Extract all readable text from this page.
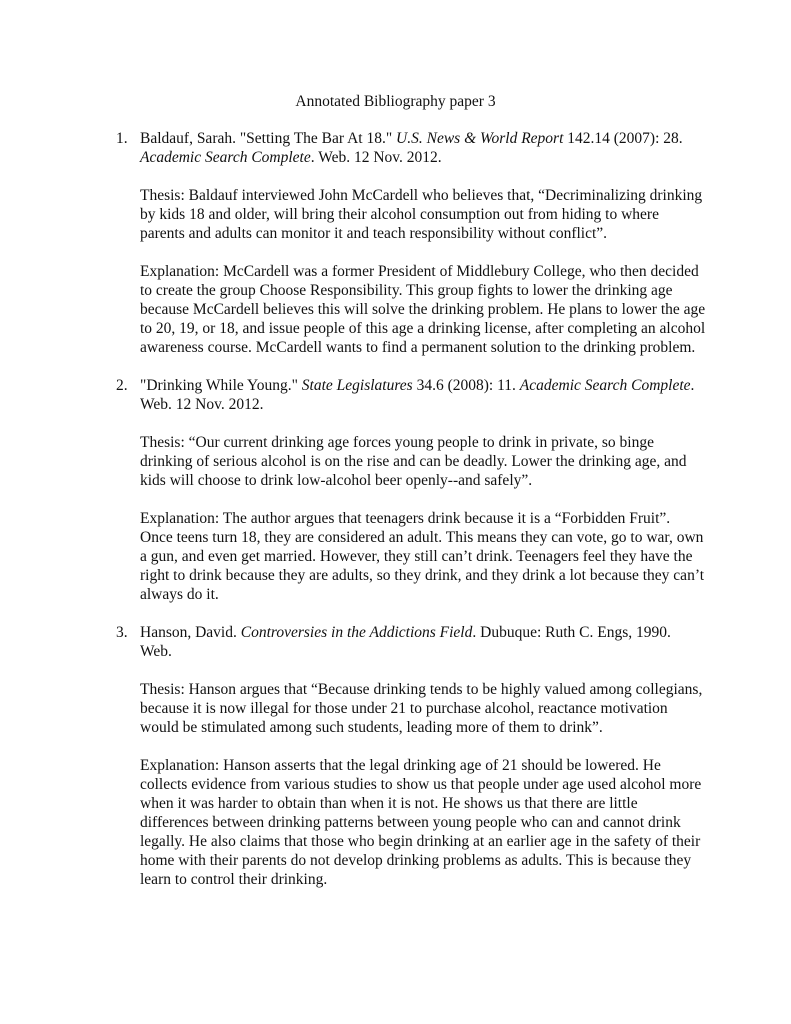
Annotated Bibliography paper 3
1. Baldauf, Sarah. "Setting The Bar At 18." U.S. News & World Report 142.14 (2007): 28. Academic Search Complete. Web. 12 Nov. 2012.

Thesis: Baldauf interviewed John McCardell who believes that, “Decriminalizing drinking by kids 18 and older, will bring their alcohol consumption out from hiding to where parents and adults can monitor it and teach responsibility without conflict”.

Explanation: McCardell was a former President of Middlebury College, who then decided to create the group Choose Responsibility. This group fights to lower the drinking age because McCardell believes this will solve the drinking problem. He plans to lower the age to 20, 19, or 18, and issue people of this age a drinking license, after completing an alcohol awareness course. McCardell wants to find a permanent solution to the drinking problem.

2. "Drinking While Young." State Legislatures 34.6 (2008): 11. Academic Search Complete. Web. 12 Nov. 2012.

Thesis: “Our current drinking age forces young people to drink in private, so binge drinking of serious alcohol is on the rise and can be deadly. Lower the drinking age, and kids will choose to drink low-alcohol beer openly--and safely”.

Explanation: The author argues that teenagers drink because it is a “Forbidden Fruit”. Once teens turn 18, they are considered an adult. This means they can vote, go to war, own a gun, and even get married. However, they still can’t drink. Teenagers feel they have the right to drink because they are adults, so they drink, and they drink a lot because they can’t always do it.

3. Hanson, David. Controversies in the Addictions Field. Dubuque: Ruth C. Engs, 1990. Web.

Thesis: Hanson argues that “Because drinking tends to be highly valued among collegians, because it is now illegal for those under 21 to purchase alcohol, reactance motivation would be stimulated among such students, leading more of them to drink”.

Explanation: Hanson asserts that the legal drinking age of 21 should be lowered. He collects evidence from various studies to show us that people under age used alcohol more when it was harder to obtain than when it is not. He shows us that there are little differences between drinking patterns between young people who can and cannot drink legally. He also claims that those who begin drinking at an earlier age in the safety of their home with their parents do not develop drinking problems as adults. This is because they learn to control their drinking.
